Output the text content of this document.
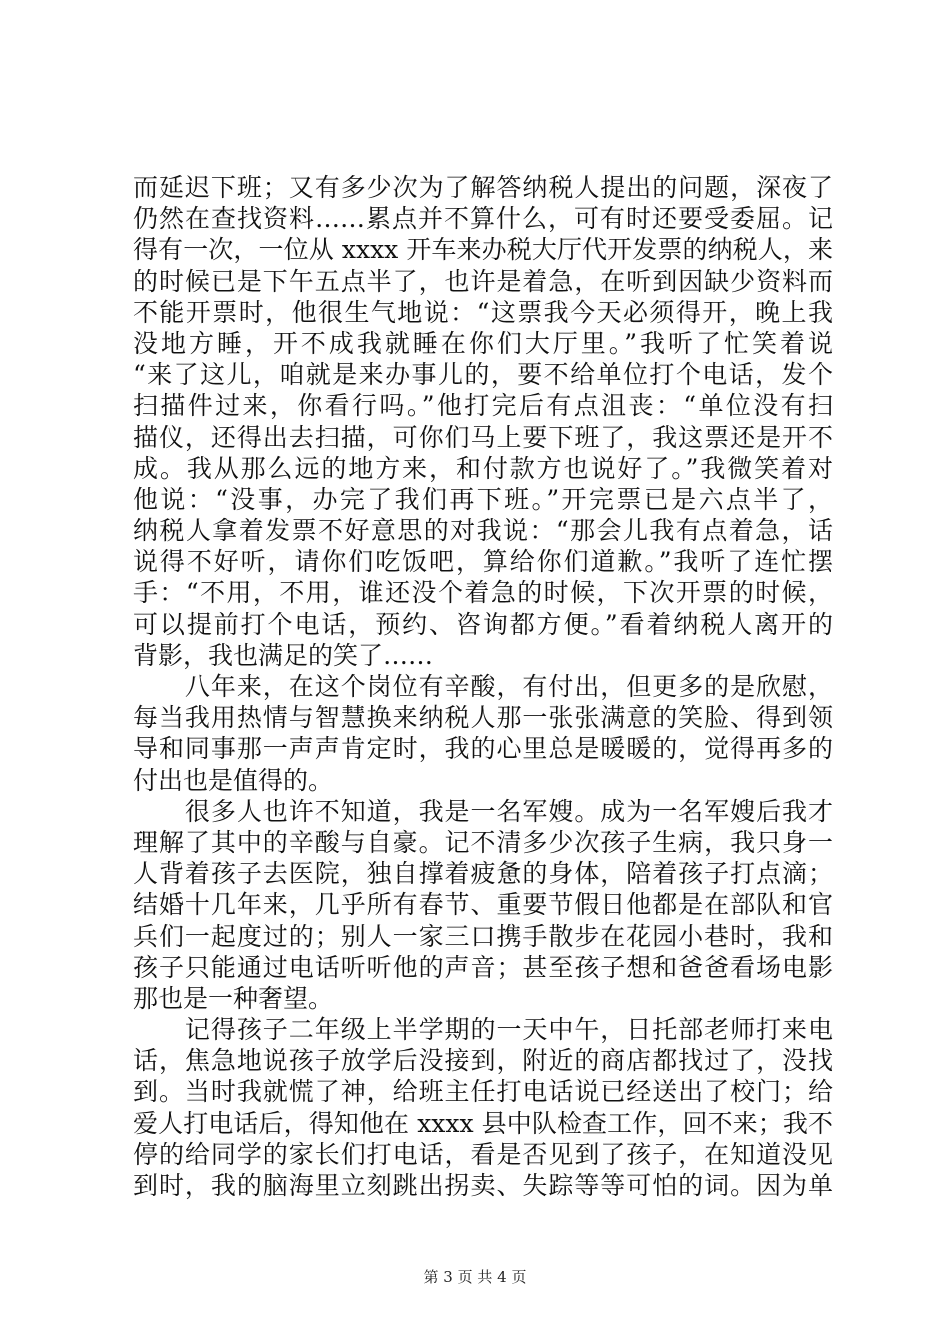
而延迟下班；又有多少次为了解答纳税人提出的问题，深夜了
仍然在查找资料……累点并不算什么，可有时还要受委屈。记
得有一次，一位从 xxxx 开车来办税大厅代开发票的纳税人，来
的时候已是下午五点半了，也许是着急，在听到因缺少资料而
不能开票时，他很生气地说：“这票我今天必须得开，晚上我
没地方睡，开不成我就睡在你们大厅里。”我听了忙笑着说
“来了这儿，咱就是来办事儿的，要不给单位打个电话，发个
扫描件过来，你看行吗。”他打完后有点沮丧：“单位没有扫
描仪，还得出去扫描，可你们马上要下班了，我这票还是开不
成。我从那么远的地方来，和付款方也说好了。”我微笑着对
他说：“没事，办完了我们再下班。”开完票已是六点半了，
纳税人拿着发票不好意思的对我说：“那会儿我有点着急，话
说得不好听，请你们吃饭吧，算给你们道歉。”我听了连忙摆
手：“不用，不用，谁还没个着急的时候，下次开票的时候，
可以提前打个电话，预约、咨询都方便。”看着纳税人离开的
背影，我也满足的笑了……
　　八年来，在这个岗位有辛酸，有付出，但更多的是欣慰，
每当我用热情与智慧换来纳税人那一张张满意的笑脸、得到领
导和同事那一声声肯定时，我的心里总是暖暖的，觉得再多的
付出也是值得的。
　　很多人也许不知道，我是一名军嫂。成为一名军嫂后我才
理解了其中的辛酸与自豪。记不清多少次孩子生病，我只身一
人背着孩子去医院，独自撑着疲惫的身体，陪着孩子打点滴；
结婚十几年来，几乎所有春节、重要节假日他都是在部队和官
兵们一起度过的；别人一家三口携手散步在花园小巷时，我和
孩子只能通过电话听听他的声音；甚至孩子想和爸爸看场电影
那也是一种奢望。
　　记得孩子二年级上半学期的一天中午，日托部老师打来电
话，焦急地说孩子放学后没接到，附近的商店都找过了，没找
到。当时我就慌了神，给班主任打电话说已经送出了校门；给
爱人打电话后，得知他在 xxxx 县中队检查工作，回不来；我不
停的给同学的家长们打电话，看是否见到了孩子，在知道没见
到时，我的脑海里立刻跳出拐卖、失踪等等可怕的词。因为单
第 3 页 共 4 页
